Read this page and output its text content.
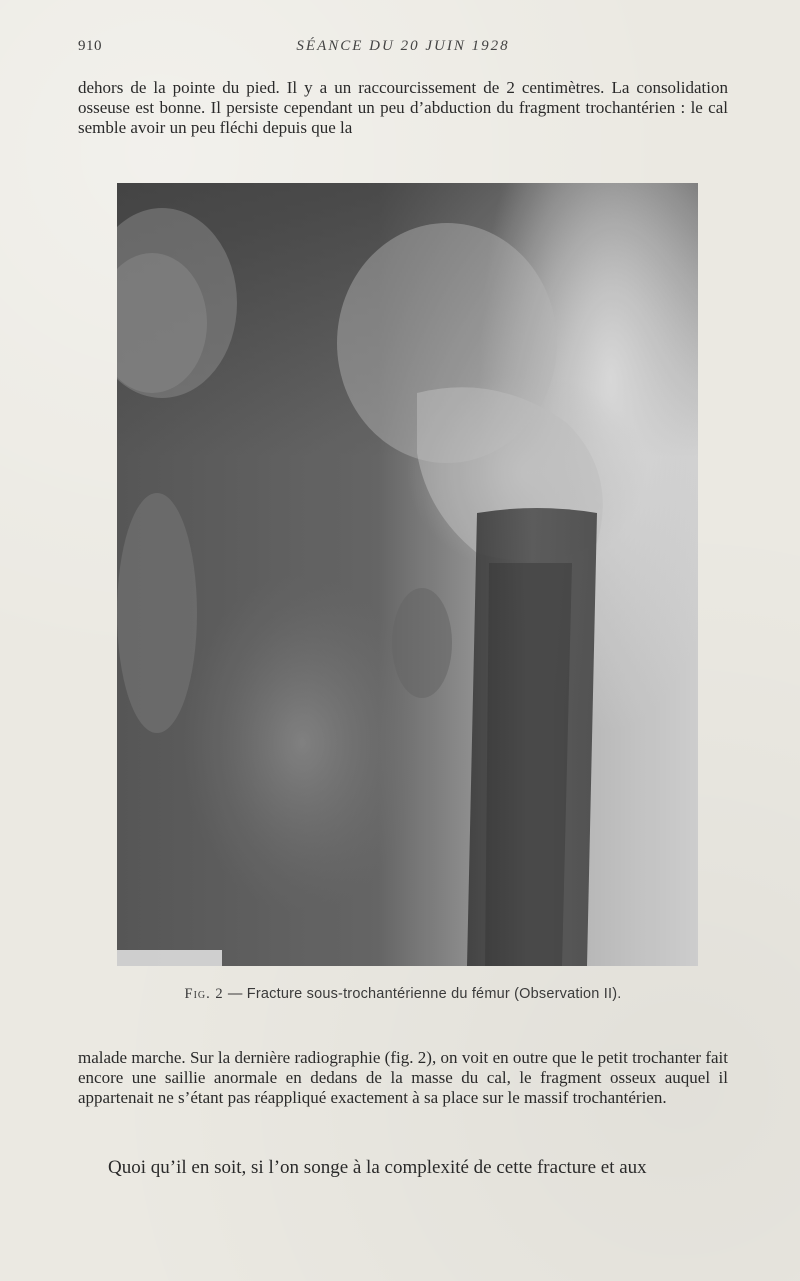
910	SÉANCE DU 20 JUIN 1928

dehors de la pointe du pied. Il y a un raccourcissement de 2 centimètres. La consolidation osseuse est bonne. Il persiste cependant un peu d’abduction du fragment trochantérien : le cal semble avoir un peu fléchi depuis que la

Fig. 2 — Fracture sous-trochantérienne du fémur (Observation II).

malade marche. Sur la dernière radiographie (fig. 2), on voit en outre que le petit trochanter fait encore une saillie anormale en dedans de la masse du cal, le fragment osseux auquel il appartenait ne s’étant pas réappliqué exactement à sa place sur le massif trochantérien.

Quoi qu’il en soit, si l’on songe à la complexité de cette fracture et aux
